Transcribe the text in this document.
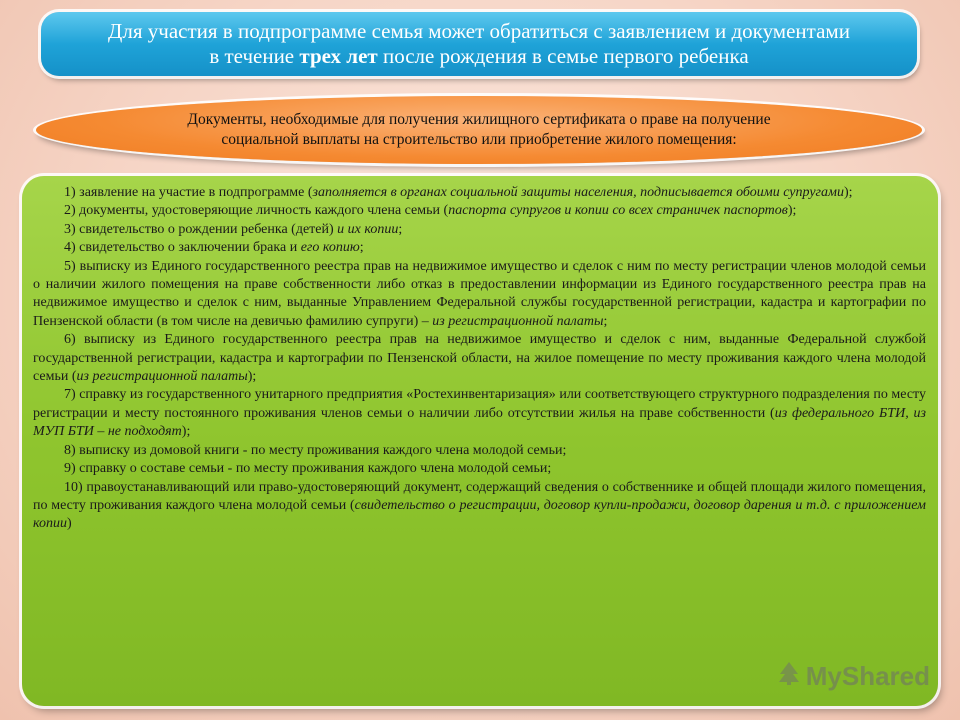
Для участия в подпрограмме семья может обратиться с заявлением и документами
в течение трех лет после рождения в семье первого ребенка
Документы, необходимые для получения жилищного сертификата о праве на получение
социальной выплаты на строительство или приобретение жилого помещения:

1) заявление на участие в подпрограмме (заполняется в органах социальной защиты населения, подписывается обоими супругами);

2) документы, удостоверяющие личность каждого члена семьи (паспорта супругов и копии со всех страничек паспортов);

3) свидетельство о рождении ребенка (детей) и их копии;

4) свидетельство о заключении брака и его копию;

5) выписку из Единого государственного реестра прав на недвижимое имущество и сделок с ним по месту регистрации членов молодой семьи о наличии жилого помещения на праве собственности либо отказ в предоставлении информации из Единого государственного реестра прав на недвижимое имущество и сделок с ним, выданные Управлением Федеральной службы государственной регистрации, кадастра и картографии по Пензенской области (в том числе на девичью фамилию супруги) – из регистрационной палаты;

6) выписку из Единого государственного реестра прав на недвижимое имущество и сделок с ним, выданные Федеральной службой государственной регистрации, кадастра и картографии по Пензенской области, на жилое помещение по месту проживания каждого члена молодой семьи (из регистрационной палаты);

7) справку из государственного унитарного предприятия «Ростехинвентаризация» или соответствующего структурного подразделения по месту регистрации и месту постоянного проживания членов семьи о наличии либо отсутствии жилья на праве собственности (из федерального БТИ, из МУП БТИ – не подходят);

8) выписку из домовой книги - по месту проживания каждого члена молодой семьи;

9) справку о составе семьи - по месту проживания каждого члена молодой семьи;

10) правоустанавливающий или право-удостоверяющий документ, содержащий сведения о собственнике и общей площади жилого помещения, по месту проживания каждого члена молодой семьи (свидетельство о регистрации, договор купли-продажи, договор дарения и т.д. с приложением копии)

MyShared
